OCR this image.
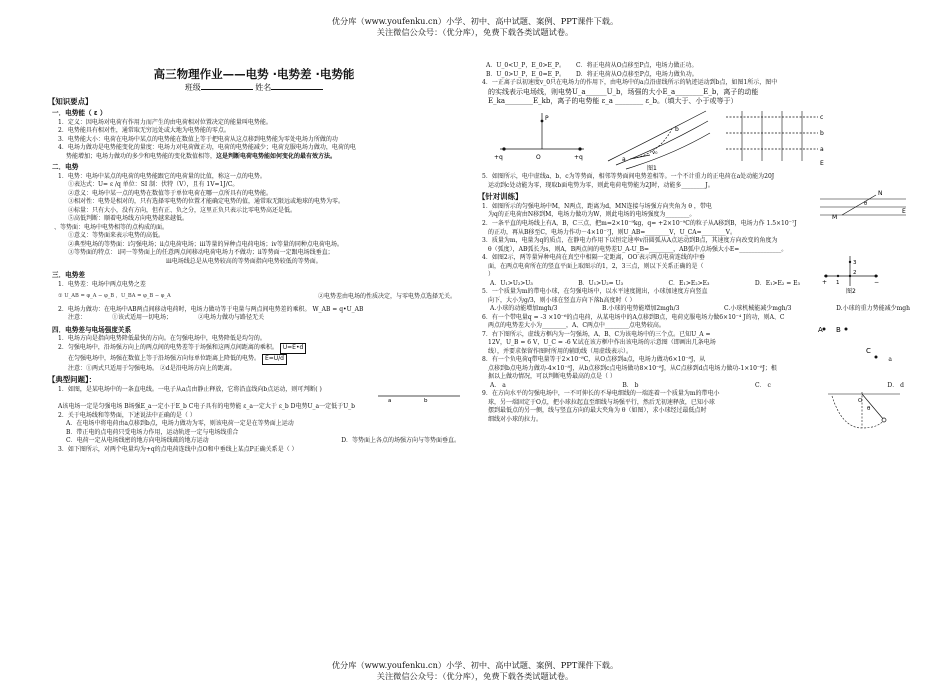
优分库（www.youfenku.cn）小学、初中、高中试题、案例、PPT课件下载。
关注微信公众号：（优分库），免费下载各类试题试卷。
高三物理作业——电势 ·电势差 ·电势能
班级	姓名
【知识要点】
一．电势能（ ε ）
1．定义：因电场对电荷有作用力而产生的由电荷相对位置决定的能量叫电势能。
2．电势能具有相对性，通常取无穷远处或大地为电势能的零点。
3．电势能大小：电荷在电场中某点的电势能在数值上等于把电荷从这点移到电势能为零处电场力所做的功
4．电场力做功是电势能变化的量度：电场力对电荷做正功，电荷的电势能减少；电荷克服电场力做功，电荷的电
势能增加；电场力做功的多少和电势能的变化数值相等，这是判断电荷电势能如何变化的最有效方法。
二．电势
1．电势：电场中某点的电荷的电势能跟它的电荷量的比值，称这一点的电势。
①表达式：U= ε /q 单位：SI 制：伏特（V），且有 1V=1J/C。
②意义：电场中某一点的电势在数值等于单位电荷在哪一点所具有的电势能。
③相对性：电势是相对的，只有选择零电势的位置才能确定电势的值，通常取无限远或地球的电势为零。
④标量：只有大小，没有方向，但有正、负之分，这里正负只表示比零电势高还是低。
⑤高低判断：顺着电场线方向电势越来越低。
、等势面：电场中电势相等的点构成的面。
①意义：等势面来表示电势的高低。
②典型电场的等势面：ⅰ匀强电场；ⅱ点电荷电场；ⅲ等量的异种点电荷电场；ⅳ等量的同种点电荷电场。
③等势面的特点： ⅰ同一等势面上的任意两点间移动电荷电场力不做功；ⅱ等势面一定跟电场线垂直；
ⅲ电场线总是从电势较高的等势面指向电势较低的等势面。
三．电势差
1．电势差：电场中两点电势之差
① U_AB = φ_A − φ_B ，U_BA = φ_B − φ_A	②电势差由电场的性质决定，与零电势点选择无关。
2．电场力做功：在电场中AB两点间移动电荷时，电场力做功等于电量与两点间电势差的乘积。 W_AB = q•U_AB
注意：	①该式适用一切电场；	②电场力做功与路径无关
四．电势差与电场强度关系
1．电场方向是指向电势降低最快的方向。在匀强电场中，电势降低是均匀的。
2．匀强电场中，沿场强方向上的两点间的电势差等于场强和这两点间距离的乘积。 U=E•d
在匀强电场中，场强在数值上等于沿场强方向每单位距离上降低的电势。 E=U/d
注意：①两式只适用于匀强电场。 ②d是沿电场方向上的距离。
【典型问题】：
1．如图，是某电场中的一条直电线。一电子从a点由静止释放，它将沿直线向b点运动，则可判断( )
a	b
A该电场一定是匀强电场 B场强E_a一定小于E_b C电子具有的电势能 ε_a一定大于 ε_b D电势U_a一定低于U_b
2．关于电场线和等势面，下述说法中正确的是（ ）
A．在电场中将电荷由a点移到b点，电场力做功为零，则该电荷一定是在等势面上运动
B．带正电的点电荷只受电场力作用，运动轨迹一定与电场线重合
C．电荷一定从电场线密的地方向电场线疏的地方运动	D．等势面上各点的场强方向与等势面垂直。
3．如下图所示，对两个电量均为+q的点电荷连线中点O和中垂线上某点P正确关系是（ ）
A．U_0<U_P，E_0>E_P。	C．将正电荷从O点移至P点，电场力做正功。
B．U_0>U_P，E_0=E_P。	D．将正电荷从O点移至P点，电场力做负功。
4．一正离子以初速度v_0只在电场力的作用下，由电场中的a点沿虚线所示的轨迹运动到b点，如图1所示，图中
的实线表示电场线，则电势U_a______U_b，场强的大小E_a________E_b，离子的动能
E_ka________E_kb，离子的电势能 ε_a ________ ε_b。（填大于、小于或等于）
P
O
+q	+q	a
b
v₀
图1
c
b
a
E
5．如图所示，电中虚线a、b、c为等势面，相邻等势面间电势差相等。一个不计重力的正电荷在a处动能为20J
运动到c处动能为零，现取b面电势为零，则此电荷电势能为2J时，动能多________J。
【针对训练】
1．如图所示的匀强电场中M，N两点，距离为d，MN连接与场强方向夹角为 θ ，带电
为q的正电荷由N移到M，电场力做功为W，则此电场的电场强度为________。
N
M
E
θ
2．一条平直的电场线上有A，B，C三点，把m=2×10⁻⁹kg，q= +2×10⁻⁹C的粒子从A移到B，电场力作 1.5×10⁻⁷J
的正功，再从B移至C，电场力作功－4×10⁻⁷J，则U_AB=________V，U_CA=________V。
3．质量为m，电量为q的质点，在静电力作用下以恒定速率v沿圆弧从A点运动到B点，其速度方向改变的角度为
θ（弧度），AB弧长为s，则A，B两点间的电势差U_A-U_B=________，AB弧中点场强大小E=______________。
4．如图2示，两等量异种电荷在真空中相隔一定距离，OO′表示两点电荷连线的中垂
面，在两点电荷所在的竖直平面上取图示的1，2，3三点，则以下关系正确的是（
）
A．U₁>U₂>U₃	B．U₁>U₂= U₃	C．E₁>E₂>E₃	D．E₁>E₂ = E₃
3
2
1
+	−
图2
5．一个质量为m的带电小球，在匀强电场中，以水平速度抛出，小球加速度方向竖直
向下，大小为g/3，则小球在竖直方向下落h高度时（ ）
A.小球的动能增加mgh/3	B.小球的电势能增加2mgh/3	C.小球机械能减少mgh/3	D.小球的重力势能减少mgh
6．有一个带电量q = -3 ×10⁻⁶的点电荷，从某电场中的A点移到B点，电荷克服电场力做6×10⁻⁴ J的功，则A、C
两点的电势差大小为________，A、C两点中________点电势较高。
7．右下图所示，虚线方框内为一匀强场，A、B、C为该电场中的三个点。已知U_A =
12V，U_B = 6 V，U_C = -6 V.试在该方框中作出该电场的示意图（即画出几条电场
线），并要求保留作图时所用的辅助线（用虚线表示）。
A B
C
8．有一个负电荷q带电量等于2×10⁻⁸C，从O点移到a点，电场力做功6×10⁻⁸J，从	a
点移到b点电场力做功-4×10⁻⁸J，从b点移到c点电场做功8×10⁻⁸J，从C点移到d点电场力做功-1×10⁻⁸J；根
据以上做功情况，可以判断电势最高的点是（ ）
A． a	B． b	C． c	D． d
9．在方向水平的匀强电场中，一不可伸长的不导电细线的一端连着一个质量为m的带电小
球，另一端固定于O点，把小球拉起直至细线与场强平行，然后无初速释放，已知小球
摆到最低点的另一侧，线与竖直方向的最大夹角为 θ（如图），求小球经过最低点时
细线对小球的拉力。
O
θ
优分库（www.youfenku.cn）小学、初中、高中试题、案例、PPT课件下载。
关注微信公众号：（优分库），免费下载各类试题试卷。
